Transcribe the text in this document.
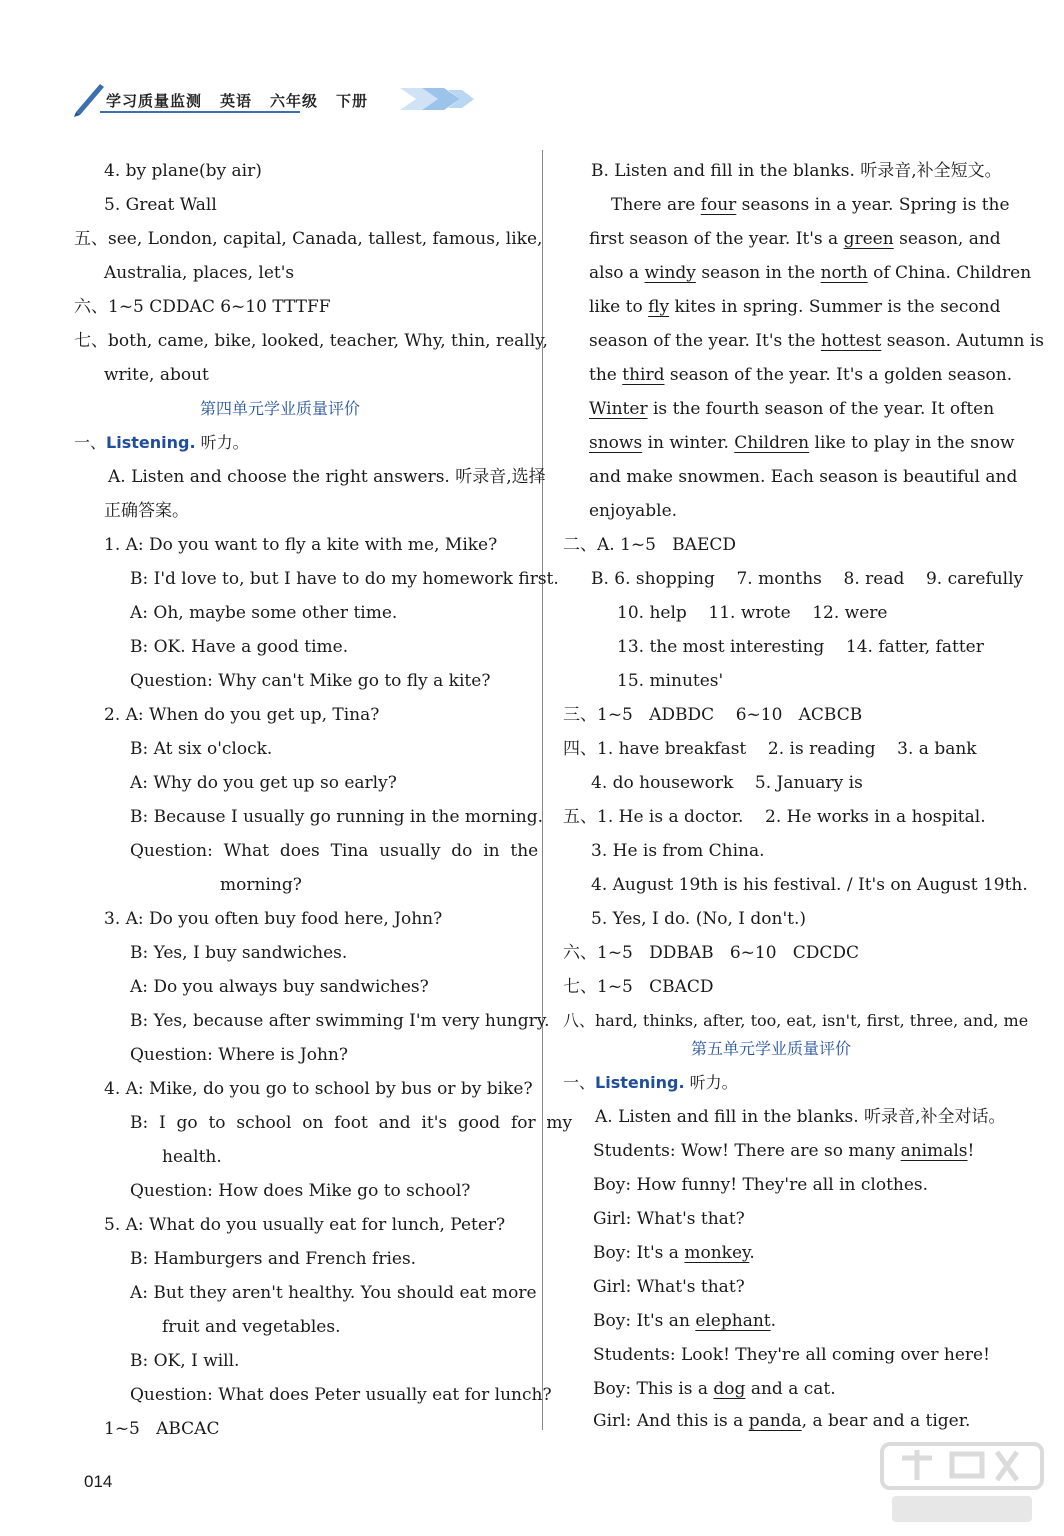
学习质量监测 英语 六年级 下册
4. by plane(by air)
5. Great Wall
五、see, London, capital, Canada, tallest, famous, like,
Australia, places, let's
六、1~5 CDDAC 6~10 TTTFF
七、both, came, bike, looked, teacher, Why, thin, really,
write, about
第四单元学业质量评价
一、Listening. 听力。
A. Listen and choose the right answers. 听录音,选择
正确答案。
1. A: Do you want to fly a kite with me, Mike?
B: I'd love to, but I have to do my homework first.
A: Oh, maybe some other time.
B: OK. Have a good time.
Question: Why can't Mike go to fly a kite?
2. A: When do you get up, Tina?
B: At six o'clock.
A: Why do you get up so early?
B: Because I usually go running in the morning.
Question:  What  does  Tina  usually  do  in  the
morning?
3. A: Do you often buy food here, John?
B: Yes, I buy sandwiches.
A: Do you always buy sandwiches?
B: Yes, because after swimming I'm very hungry.
Question: Where is John?
4. A: Mike, do you go to school by bus or by bike?
B:  I  go  to  school  on  foot  and  it's  good  for  my
health.
Question: How does Mike go to school?
5. A: What do you usually eat for lunch, Peter?
B: Hamburgers and French fries.
A: But they aren't healthy. You should eat more
fruit and vegetables.
B: OK, I will.
Question: What does Peter usually eat for lunch?
1~5   ABCAC
B. Listen and fill in the blanks. 听录音,补全短文。
There are four seasons in a year. Spring is the
first season of the year. It's a green season, and
also a windy season in the north of China. Children
like to fly kites in spring. Summer is the second
season of the year. It's the hottest season. Autumn is
the third season of the year. It's a golden season.
Winter is the fourth season of the year. It often
snows in winter. Children like to play in the snow
and make snowmen. Each season is beautiful and
enjoyable.
二、A. 1~5   BAECD
B. 6. shopping    7. months    8. read    9. carefully
10. help    11. wrote    12. were
13. the most interesting    14. fatter, fatter
15. minutes'
三、1~5   ADBDC    6~10   ACBCB
四、1. have breakfast    2. is reading    3. a bank
4. do housework    5. January is
五、1. He is a doctor.    2. He works in a hospital.
3. He is from China.
4. August 19th is his festival. / It's on August 19th.
5. Yes, I do. (No, I don't.)
六、1~5   DDBAB   6~10   CDCDC
七、1~5   CBACD
八、hard, thinks, after, too, eat, isn't, first, three, and, me
第五单元学业质量评价
一、Listening. 听力。
A. Listen and fill in the blanks. 听录音,补全对话。
Students: Wow! There are so many animals!
Boy: How funny! They're all in clothes.
Girl: What's that?
Boy: It's a monkey.
Girl: What's that?
Boy: It's an elephant.
Students: Look! They're all coming over here!
Boy: This is a dog and a cat.
Girl: And this is a panda, a bear and a tiger.
014
